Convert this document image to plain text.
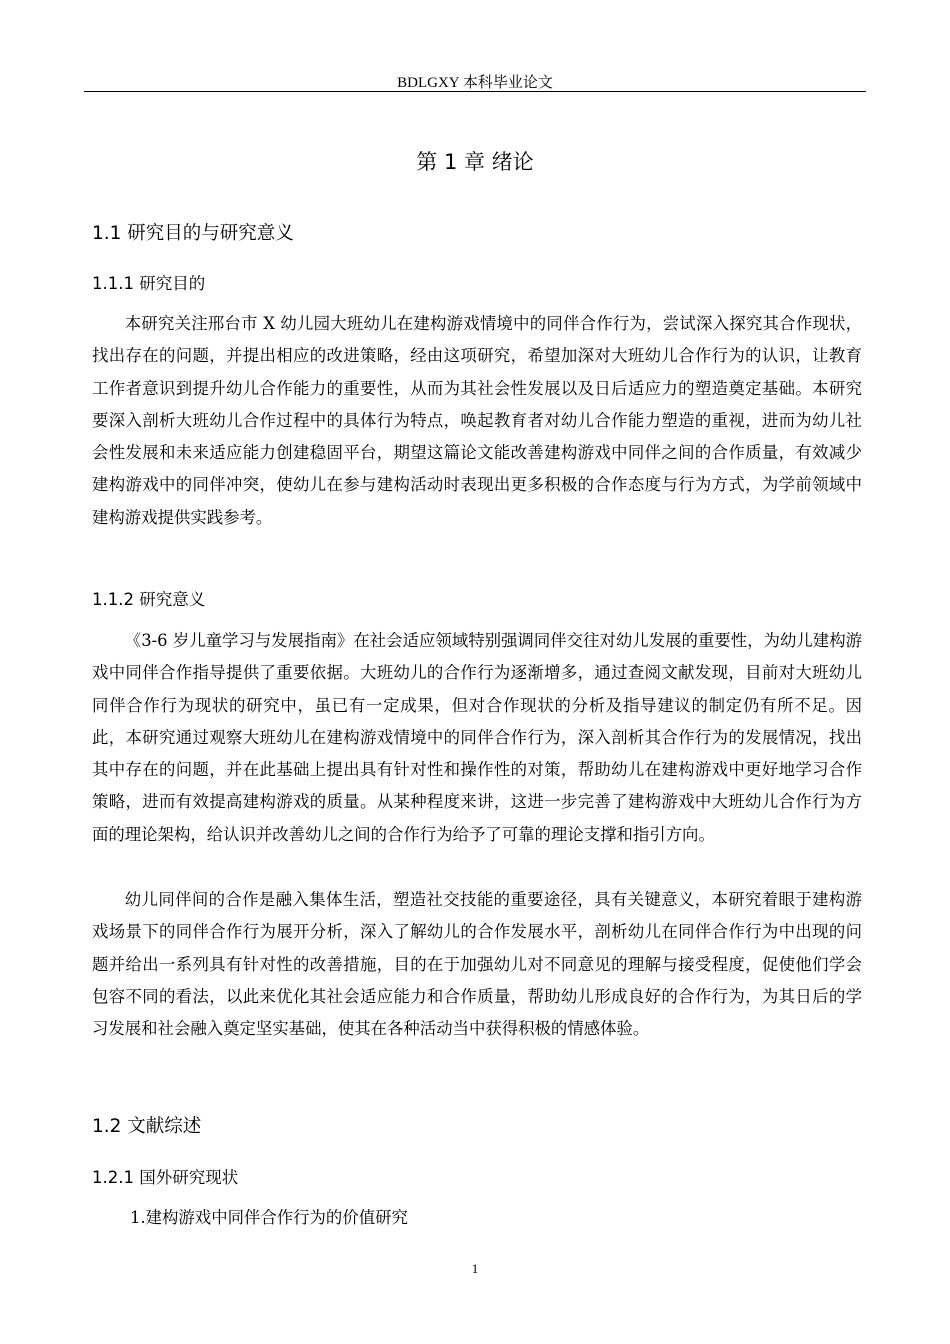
BDLGXY 本科毕业论文
第 1 章 绪论
1.1 研究目的与研究意义
1.1.1 研究目的

本研究关注邢台市 X 幼儿园大班幼儿在建构游戏情境中的同伴合作行为，尝试深入探究其合作现状，找出存在的问题，并提出相应的改进策略，经由这项研究，希望加深对大班幼儿合作行为的认识，让教育工作者意识到提升幼儿合作能力的重要性，从而为其社会性发展以及日后适应力的塑造奠定基础。本研究要深入剖析大班幼儿合作过程中的具体行为特点，唤起教育者对幼儿合作能力塑造的重视，进而为幼儿社会性发展和未来适应能力创建稳固平台，期望这篇论文能改善建构游戏中同伴之间的合作质量，有效减少建构游戏中的同伴冲突，使幼儿在参与建构活动时表现出更多积极的合作态度与行为方式，为学前领域中建构游戏提供实践参考。

1.1.2 研究意义

《3-6 岁儿童学习与发展指南》在社会适应领域特别强调同伴交往对幼儿发展的重要性，为幼儿建构游戏中同伴合作指导提供了重要依据。大班幼儿的合作行为逐渐增多，通过查阅文献发现，目前对大班幼儿同伴合作行为现状的研究中，虽已有一定成果，但对合作现状的分析及指导建议的制定仍有所不足。因此，本研究通过观察大班幼儿在建构游戏情境中的同伴合作行为，深入剖析其合作行为的发展情况，找出其中存在的问题，并在此基础上提出具有针对性和操作性的对策，帮助幼儿在建构游戏中更好地学习合作策略，进而有效提高建构游戏的质量。从某种程度来讲，这进一步完善了建构游戏中大班幼儿合作行为方面的理论架构，给认识并改善幼儿之间的合作行为给予了可靠的理论支撑和指引方向。

幼儿同伴间的合作是融入集体生活，塑造社交技能的重要途径，具有关键意义，本研究着眼于建构游戏场景下的同伴合作行为展开分析，深入了解幼儿的合作发展水平，剖析幼儿在同伴合作行为中出现的问题并给出一系列具有针对性的改善措施，目的在于加强幼儿对不同意见的理解与接受程度，促使他们学会包容不同的看法，以此来优化其社会适应能力和合作质量，帮助幼儿形成良好的合作行为，为其日后的学习发展和社会融入奠定坚实基础，使其在各种活动当中获得积极的情感体验。

1.2 文献综述
1.2.1 国外研究现状
1.建构游戏中同伴合作行为的价值研究
1
